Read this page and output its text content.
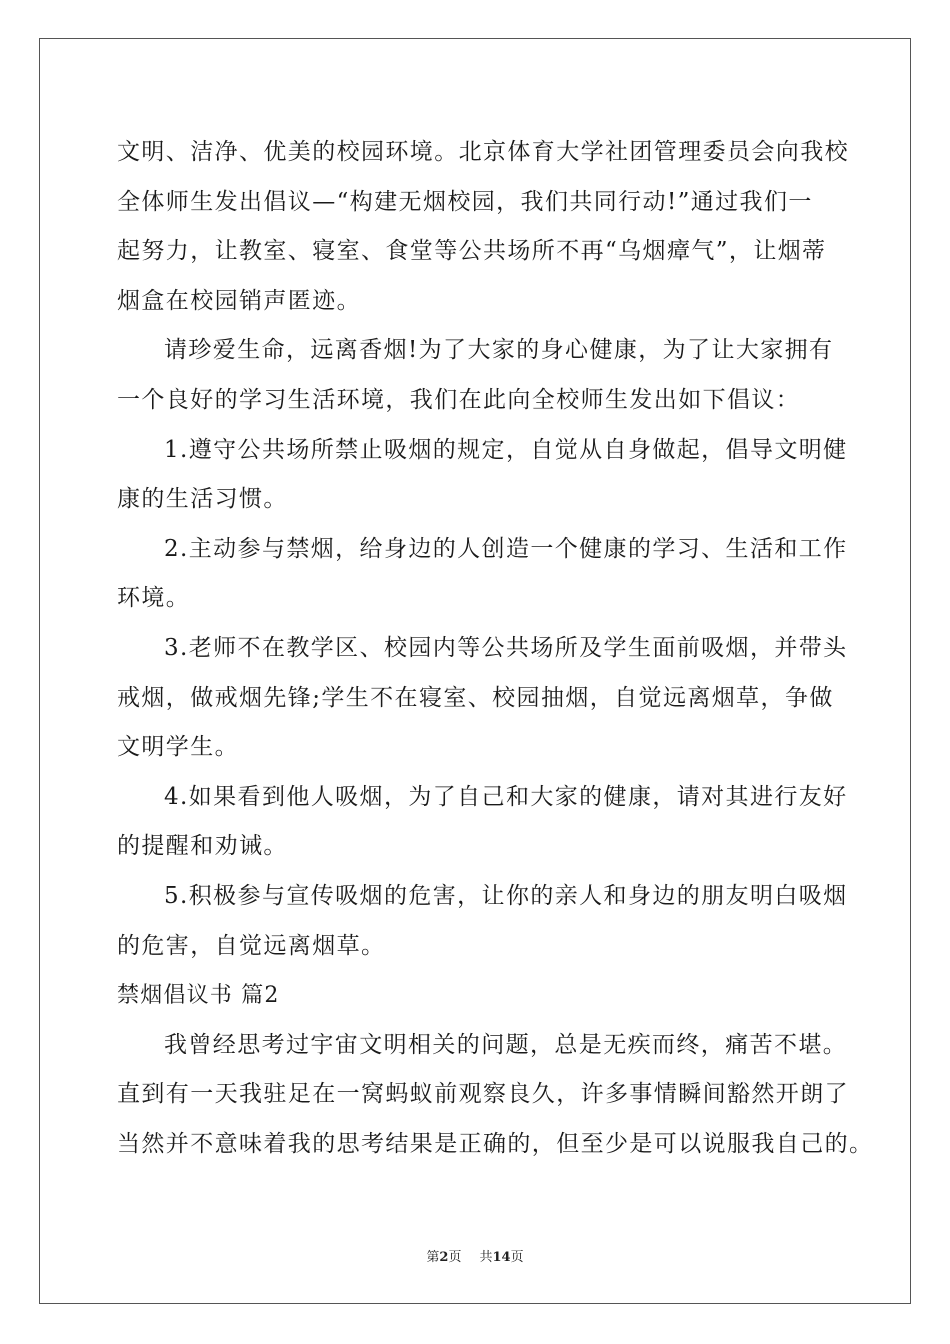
文明、洁净、优美的校园环境。北京体育大学社团管理委员会向我校
全体师生发出倡议—“构建无烟校园，我们共同行动!”通过我们一
起努力，让教室、寝室、食堂等公共场所不再“乌烟瘴气”，让烟蒂
烟盒在校园销声匿迹。
请珍爱生命，远离香烟!为了大家的身心健康，为了让大家拥有
一个良好的学习生活环境，我们在此向全校师生发出如下倡议：
1.遵守公共场所禁止吸烟的规定，自觉从自身做起，倡导文明健
康的生活习惯。
2.主动参与禁烟，给身边的人创造一个健康的学习、生活和工作
环境。
3.老师不在教学区、校园内等公共场所及学生面前吸烟，并带头
戒烟，做戒烟先锋;学生不在寝室、校园抽烟，自觉远离烟草，争做
文明学生。
4.如果看到他人吸烟，为了自己和大家的健康，请对其进行友好
的提醒和劝诫。
5.积极参与宣传吸烟的危害，让你的亲人和身边的朋友明白吸烟
的危害，自觉远离烟草。
禁烟倡议书 篇2
我曾经思考过宇宙文明相关的问题，总是无疾而终，痛苦不堪。
直到有一天我驻足在一窝蚂蚁前观察良久，许多事情瞬间豁然开朗了
当然并不意味着我的思考结果是正确的，但至少是可以说服我自己的。
第2页 共14页
